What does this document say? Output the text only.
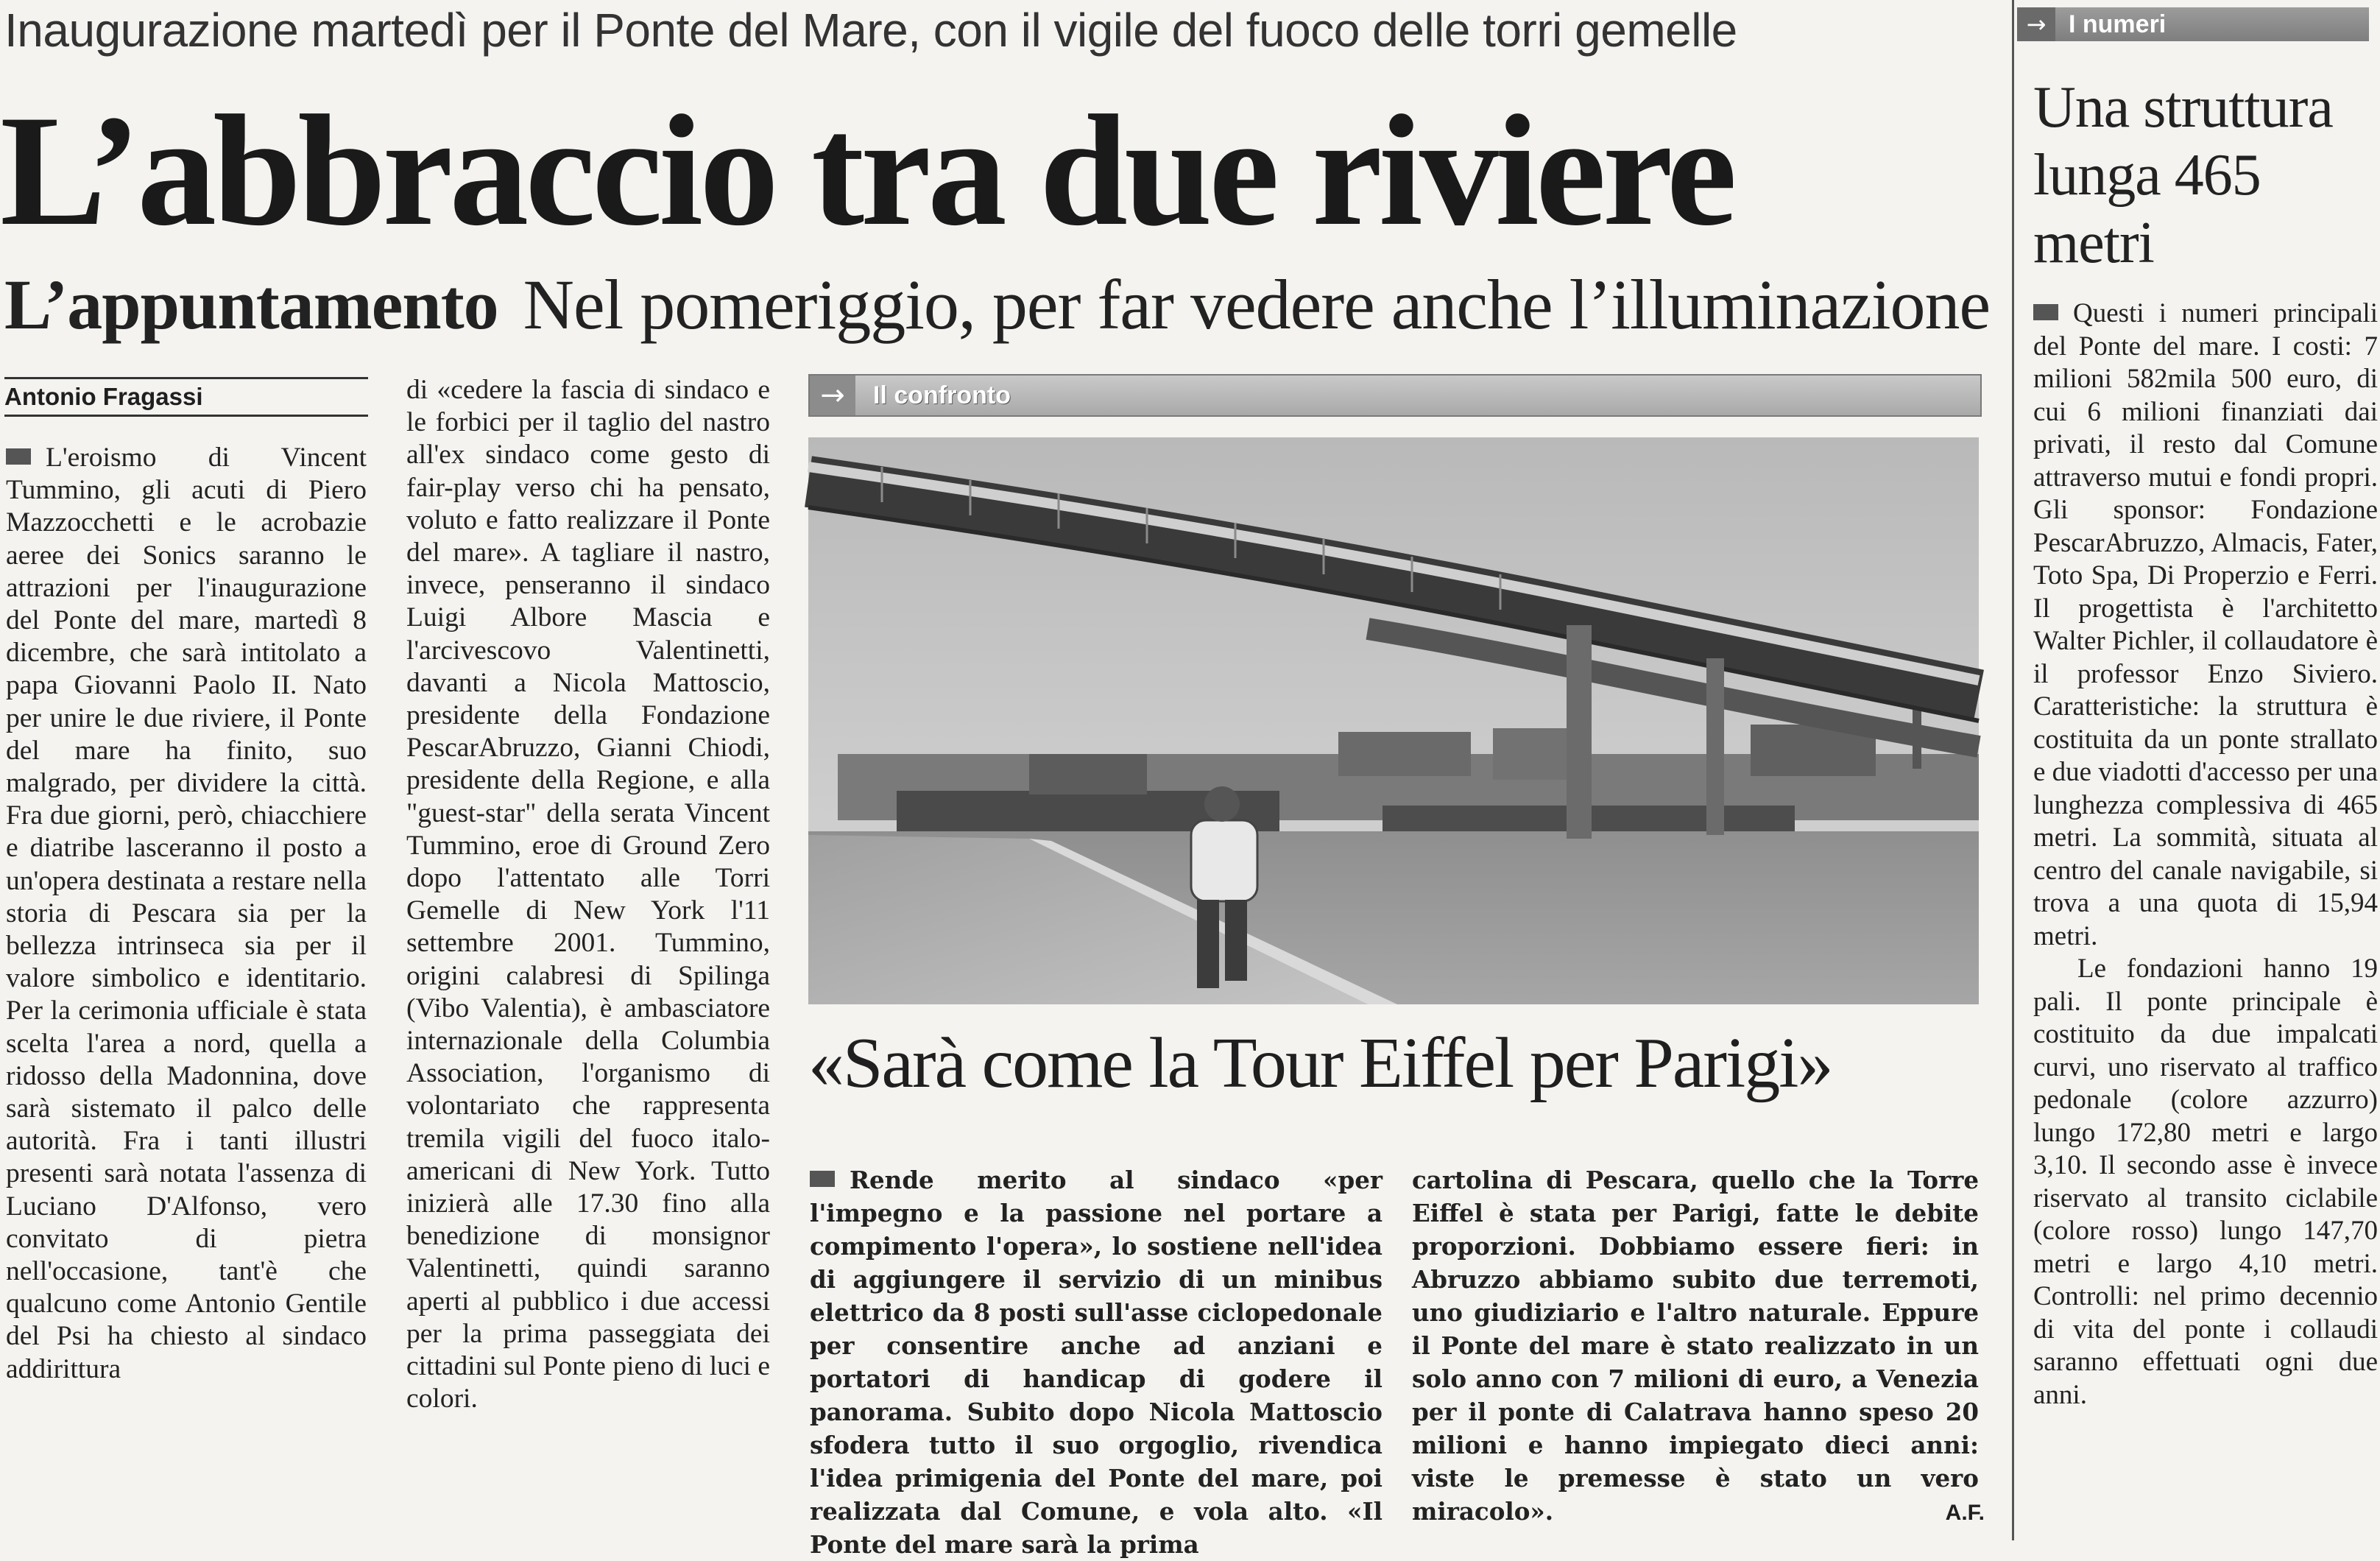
Inaugurazione martedì per il Ponte del Mare, con il vigile del fuoco delle torri gemelle
L’abbraccio tra due riviere
L’appuntamento Nel pomeriggio, per far vedere anche l’illuminazione
Antonio Fragassi

L'eroismo di Vincent Tummino, gli acuti di Piero Mazzocchetti e le acrobazie aeree dei Sonics saranno le attrazioni per l'inaugurazione del Ponte del mare, martedì 8 dicembre, che sarà intitolato a papa Giovanni Paolo II. Nato per unire le due riviere, il Ponte del mare ha finito, suo malgrado, per dividere la città. Fra due giorni, però, chiacchiere e diatribe lasceranno il posto a un'opera destinata a restare nella storia di Pescara sia per la bellezza intrinseca sia per il valore simbolico e identitario. Per la cerimonia ufficiale è stata scelta l'area a nord, quella a ridosso della Madonnina, dove sarà sistemato il palco delle autorità. Fra i tanti illustri presenti sarà notata l'assenza di Luciano D'Alfonso, vero convitato di pietra nell'occasione, tant'è che qualcuno come Antonio Gentile del Psi ha chiesto al sindaco addirittura

di «cedere la fascia di sindaco e le forbici per il taglio del nastro all'ex sindaco come gesto di fair-play verso chi ha pensato, voluto e fatto realizzare il Ponte del mare». A tagliare il nastro, invece, penseranno il sindaco Luigi Albore Mascia e l'arcivescovo Valentinetti, davanti a Nicola Mattoscio, presidente della Fondazione PescarAbruzzo, Gianni Chiodi, presidente della Regione, e alla "guest-star" della serata Vincent Tummino, eroe di Ground Zero dopo l'attentato alle Torri Gemelle di New York l'11 settembre 2001. Tummino, origini calabresi di Spilinga (Vibo Valentia), è ambasciatore internazionale della Columbia Association, l'organismo di volontariato che rappresenta tremila vigili del fuoco italo-americani di New York. Tutto inizierà alle 17.30 fino alla benedizione di monsignor Valentinetti, quindi saranno aperti al pubblico i due accessi per la prima passeggiata dei cittadini sul Ponte pieno di luci e colori.

→	Il confronto
«Sarà come la Tour Eiffel per Parigi»

Rende merito al sindaco «per l'impegno e la passione nel portare a compimento l'opera», lo sostiene nell'idea di aggiungere il servizio di un minibus elettrico da 8 posti sull'asse ciclopedonale per consentire anche ad anziani e portatori di handicap di godere il panorama. Subito dopo Nicola Mattoscio sfodera tutto il suo orgoglio, rivendica l'idea primigenia del Ponte del mare, poi realizzata dal Comune, e vola alto. «Il Ponte del mare sarà la prima

cartolina di Pescara, quello che la Torre Eiffel è stata per Parigi, fatte le debite proporzioni. Dobbiamo essere fieri: in Abruzzo abbiamo subito due terremoti, uno giudiziario e l'altro naturale. Eppure il Ponte del mare è stato realizzato in un solo anno con 7 milioni di euro, a Venezia per il ponte di Calatrava hanno speso 20 milioni e hanno impiegato dieci anni: viste le premesse è stato un vero miracolo».	A.F.
→ I numeri
Una struttura lunga 465 metri

Questi i numeri principali del Ponte del mare. I costi: 7 milioni 582mila 500 euro, di cui 6 milioni finanziati dai privati, il resto dal Comune attraverso mutui e fondi propri. Gli sponsor: Fondazione PescarAbruzzo, Almacis, Fater, Toto Spa, Di Properzio e Ferri. Il progettista è l'architetto Walter Pichler, il collaudatore è il professor Enzo Siviero. Caratteristiche: la struttura è costituita da un ponte strallato e due viadotti d'accesso per una lunghezza complessiva di 465 metri. La sommità, situata al centro del canale navigabile, si trova a una quota di 15,94 metri.

Le fondazioni hanno 19 pali. Il ponte principale è costituito da due impalcati curvi, uno riservato al traffico pedonale (colore azzurro) lungo 172,80 metri e largo 3,10. Il secondo asse è invece riservato al transito ciclabile (colore rosso) lungo 147,70 metri e largo 4,10 metri. Controlli: nel primo decennio di vita del ponte i collaudi saranno effettuati ogni due anni.
